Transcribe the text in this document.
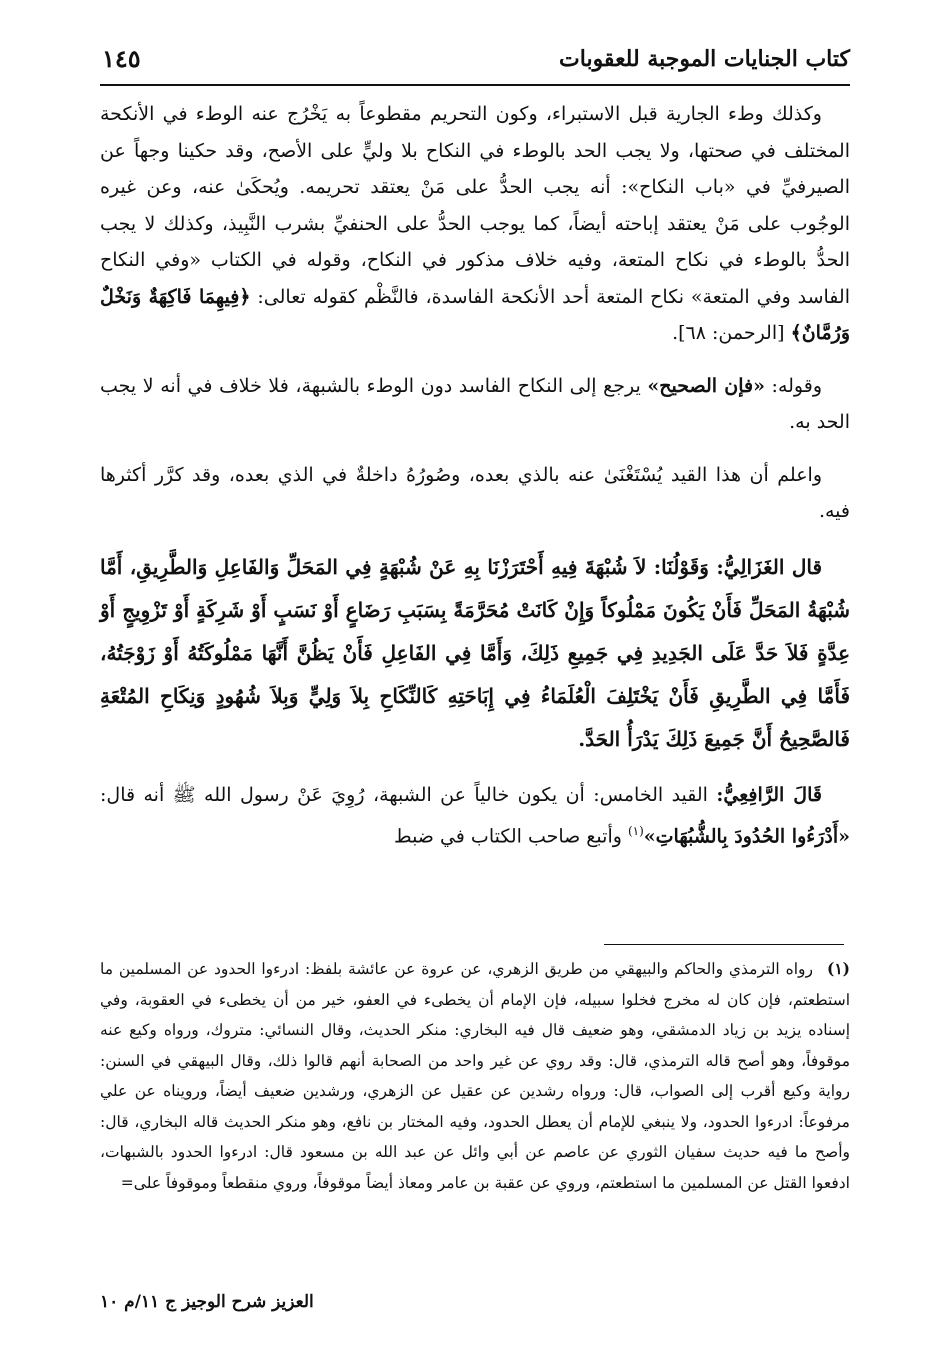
كتاب الجنايات الموجبة للعقوبات
١٤٥

وكذلك وطء الجارية قبل الاستبراء، وكون التحريم مقطوعاً به يَخْرُج عنه الوطء في الأنكحة المختلف في صحتها، ولا يجب الحد بالوطء في النكاح بلا وليٍّ على الأصح، وقد حكينا وجهاً عن الصيرفيِّ في «باب النكاح»: أنه يجب الحدُّ على مَنْ يعتقد تحريمه. ويُحكَىٰ عنه، وعن غيره الوجُوب على مَنْ يعتقد إباحته أيضاً، كما يوجب الحدُّ على الحنفيِّ بشرب النَّبِيذ، وكذلك لا يجب الحدُّ بالوطء في نكاح المتعة، وفيه خلاف مذكور في النكاح، وقوله في الكتاب «وفي النكاح الفاسد وفي المتعة» نكاح المتعة أحد الأنكحة الفاسدة، فالنَّظْم كقوله تعالى: ﴿فِيهِمَا فَاكِهَةٌ وَنَخْلٌ وَرُمَّانٌ﴾ [الرحمن: ٦٨].

وقوله: «فإن الصحيح» يرجع إلى النكاح الفاسد دون الوطء بالشبهة، فلا خلاف في أنه لا يجب الحد به.

واعلم أن هذا القيد يُسْتَغْنَىٰ عنه بالذي بعده، وصُورُهُ داخلةٌ في الذي بعده، وقد كرَّر أكثرها فيه.

قال الغَزَالِيُّ: وَقَوْلُنَا: لاَ شُبْهَةَ فِيهِ أَحْتَرَزْنَا بِهِ عَنْ شُبْهَةٍ فِي المَحَلِّ وَالفَاعِلِ وَالطَّرِيقِ، أَمَّا شُبْهَةُ المَحَلِّ فَأَنْ يَكُونَ مَمْلُوكاً وَإِنْ كَانَتْ مُحَرَّمَةً بِسَبَبِ رَضَاعٍ أَوْ نَسَبٍ أَوْ شَرِكَةٍ أَوْ تَزْوِيجٍ أَوْ عِدَّةٍ فَلاَ حَدَّ عَلَى الجَدِيدِ فِي جَمِيعِ ذَلِكَ، وَأَمَّا فِي الفَاعِلِ فَأَنْ يَظُنَّ أَنَّهَا مَمْلُوكَتُهُ أَوْ زَوْجَتُهُ، فَأَمَّا فِي الطَّرِيقِ فَأَنْ يَخْتَلِفَ الْعُلَمَاءُ فِي إِبَاحَتِهِ كَالنِّكَاحِ بِلاَ وَلِيٍّ وَبِلاَ شُهُودٍ وَنِكَاحِ المُتْعَةِ فَالصَّحِيحُ أَنَّ جَمِيعَ ذَلِكَ يَدْرَأُ الحَدَّ.

قَالَ الرَّافِعِيُّ: القيد الخامس: أن يكون خالياً عن الشبهة، رُوِيَ عَنْ رسول الله ﷺ أنه قال: «أَدْرَءُوا الحُدُودَ بِالشُّبُهَاتِ»$^{(١)}$ وأتبع صاحب الكتاب في ضبط

(١)رواه الترمذي والحاكم والبيهقي من طريق الزهري، عن عروة عن عائشة بلفظ: ادرءوا الحدود عن المسلمين ما استطعتم، فإن كان له مخرج فخلوا سبيله، فإن الإمام أن يخطىء في العفو، خير من أن يخطىء في العقوبة، وفي إسناده يزيد بن زياد الدمشقي، وهو ضعيف قال فيه البخاري: منكر الحديث، وقال النسائي: متروك، ورواه وكيع عنه موقوفاً، وهو أصح قاله الترمذي، قال: وقد روي عن غير واحد من الصحابة أنهم قالوا ذلك، وقال البيهقي في السنن: رواية وكيع أقرب إلى الصواب، قال: ورواه رشدين عن عقيل عن الزهري، ورشدين ضعيف أيضاً، ورويناه عن علي مرفوعاً: ادرءوا الحدود، ولا ينبغي للإمام أن يعطل الحدود، وفيه المختار بن نافع، وهو منكر الحديث قاله البخاري، قال: وأصح ما فيه حديث سفيان الثوري عن عاصم عن أبي وائل عن عبد الله بن مسعود قال: ادرءوا الحدود بالشبهات، ادفعوا القتل عن المسلمين ما استطعتم، وروي عن عقبة بن عامر ومعاذ أيضاً موقوفاً، وروي منقطعاً وموقوفاً على=
العزيز شرح الوجيز ج ١١/م ١٠
